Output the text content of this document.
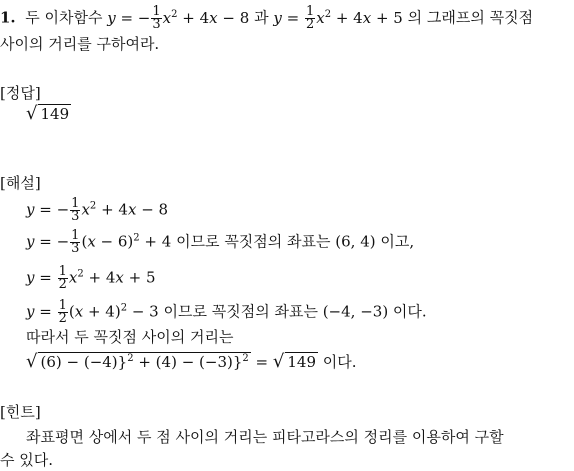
1. 두 이차함수 y = − $\frac{1}{3} x^2 + 4x - 8$ 과 $y = \frac{1}{2} x^2 + 4x + 5$ 의 그래프의 꼭짓점
사이의 거리를 구하여라.
[정답]
√ 149
[해설]
y = − $\frac{1}{3} x^2 + 4x - 8$
y = − $\frac{1}{3} (x - 6)^2 + 4$ 이므로 꼭짓점의 좌표는 (6, 4) 이고,
$y = \frac{1}{2} x^2 + 4x + 5$
$y = \frac{1}{2} (x + 4)^2 - 3$ 이므로 꼭짓점의 좌표는 (−4, −3) 이다.
따라서 두 꼭짓점 사이의 거리는
√ (6) − (−4)}$^2$ + (4) − (−3)}$^2$ = √ 149 이다.
[힌트]
좌표평면 상에서 두 점 사이의 거리는 피타고라스의 정리를 이용하여 구할
수 있다.
